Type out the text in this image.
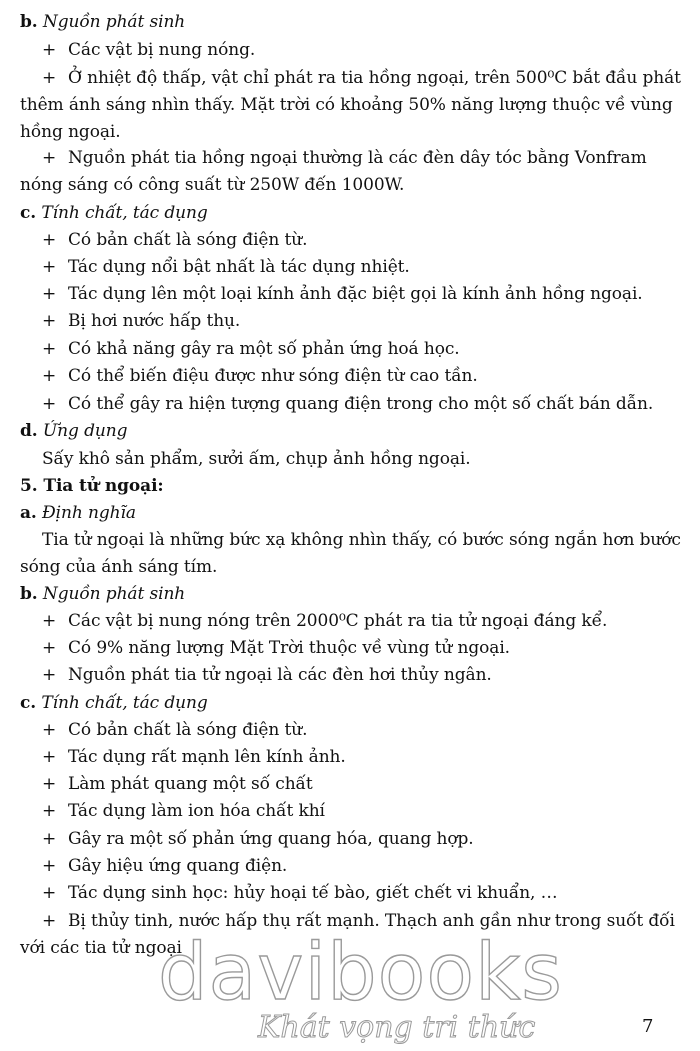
b. Nguồn phát sinh
+ Các vật bị nung nóng.
+ Ở nhiệt độ thấp, vật chỉ phát ra tia hồng ngoại, trên 500⁰C bắt đầu phát
thêm ánh sáng nhìn thấy. Mặt trời có khoảng 50% năng lượng thuộc về vùng
hồng ngoại.
+ Nguồn phát tia hồng ngoại thường là các đèn dây tóc bằng Vonfram
nóng sáng có công suất từ 250W đến 1000W.
c. Tính chất, tác dụng
+ Có bản chất là sóng điện từ.
+ Tác dụng nổi bật nhất là tác dụng nhiệt.
+ Tác dụng lên một loại kính ảnh đặc biệt gọi là kính ảnh hồng ngoại.
+ Bị hơi nước hấp thụ.
+ Có khả năng gây ra một số phản ứng hoá học.
+ Có thể biến điệu được như sóng điện từ cao tần.
+ Có thể gây ra hiện tượng quang điện trong cho một số chất bán dẫn.
d. Ứng dụng
Sấy khô sản phẩm, sưởi ấm, chụp ảnh hồng ngoại.
5. Tia tử ngoại:
a. Định nghĩa
Tia tử ngoại là những bức xạ không nhìn thấy, có bước sóng ngắn hơn bước
sóng của ánh sáng tím.
b. Nguồn phát sinh
+ Các vật bị nung nóng trên 2000⁰C phát ra tia tử ngoại đáng kể.
+ Có 9% năng lượng Mặt Trời thuộc về vùng tử ngoại.
+ Nguồn phát tia tử ngoại là các đèn hơi thủy ngân.
c. Tính chất, tác dụng
+ Có bản chất là sóng điện từ.
+ Tác dụng rất mạnh lên kính ảnh.
+ Làm phát quang một số chất
+ Tác dụng làm ion hóa chất khí
+ Gây ra một số phản ứng quang hóa, quang hợp.
+ Gây hiệu ứng quang điện.
+ Tác dụng sinh học: hủy hoại tế bào, giết chết vi khuẩn, …
+ Bị thủy tinh, nước hấp thụ rất mạnh. Thạch anh gần như trong suốt đối
với các tia tử ngoại
davibooks
Khát vọng tri thức	7
